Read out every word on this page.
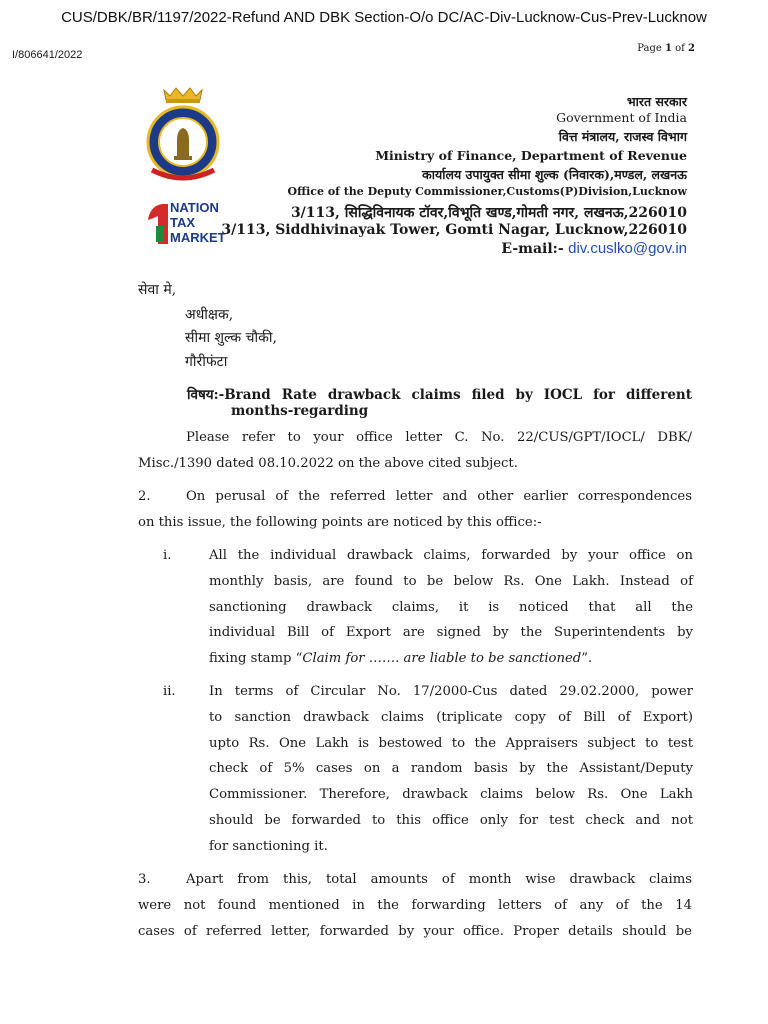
CUS/DBK/BR/1197/2022-Refund AND DBK Section-O/o DC/AC-Div-Lucknow-Cus-Prev-Lucknow
I/806641/2022
Page 1 of 2
NATION
TAX
MARKET
भारत सरकार
Government of India
वित्त मंत्रालय, राजस्व विभाग
Ministry of Finance, Department of Revenue
कार्यालय उपायुक्त सीमा शुल्क (निवारक),मण्डल, लखनऊ
Office of the Deputy Commissioner,Customs(P)Division,Lucknow
3/113, सिद्धिविनायक टॉवर,विभूति खण्ड,गोमती नगर, लखनऊ,226010
3/113, Siddhivinayak Tower, Gomti Nagar, Lucknow,226010
E-mail:- div.cuslko@gov.in
सेवा मे,
अधीक्षक,
सीमा शुल्क चौकी,
गौरीफंटा
विषय:-Brand Rate drawback claims filed by IOCL for different
months-regarding
Please refer to your office letter C. No. 22/CUS/GPT/IOCL/ DBK/
Misc./1390 dated 08.10.2022 on the above cited subject.
2.	On perusal of the referred letter and other earlier correspondences
on this issue, the following points are noticed by this office:-
i.	All the individual drawback claims, forwarded by your office on
monthly basis, are found to be below Rs. One Lakh. Instead of
sanctioning drawback claims, it is noticed that all the
individual Bill of Export are signed by the Superintendents by
fixing stamp “Claim for ……. are liable to be sanctioned”.
ii.	In terms of Circular No. 17/2000-Cus dated 29.02.2000, power
to sanction drawback claims (triplicate copy of Bill of Export)
upto Rs. One Lakh is bestowed to the Appraisers subject to test
check of 5% cases on a random basis by the Assistant/Deputy
Commissioner. Therefore, drawback claims below Rs. One Lakh
should be forwarded to this office only for test check and not
for sanctioning it.
3.	Apart from this, total amounts of month wise drawback claims
were not found mentioned in the forwarding letters of any of the 14
cases of referred letter, forwarded by your office. Proper details should be
